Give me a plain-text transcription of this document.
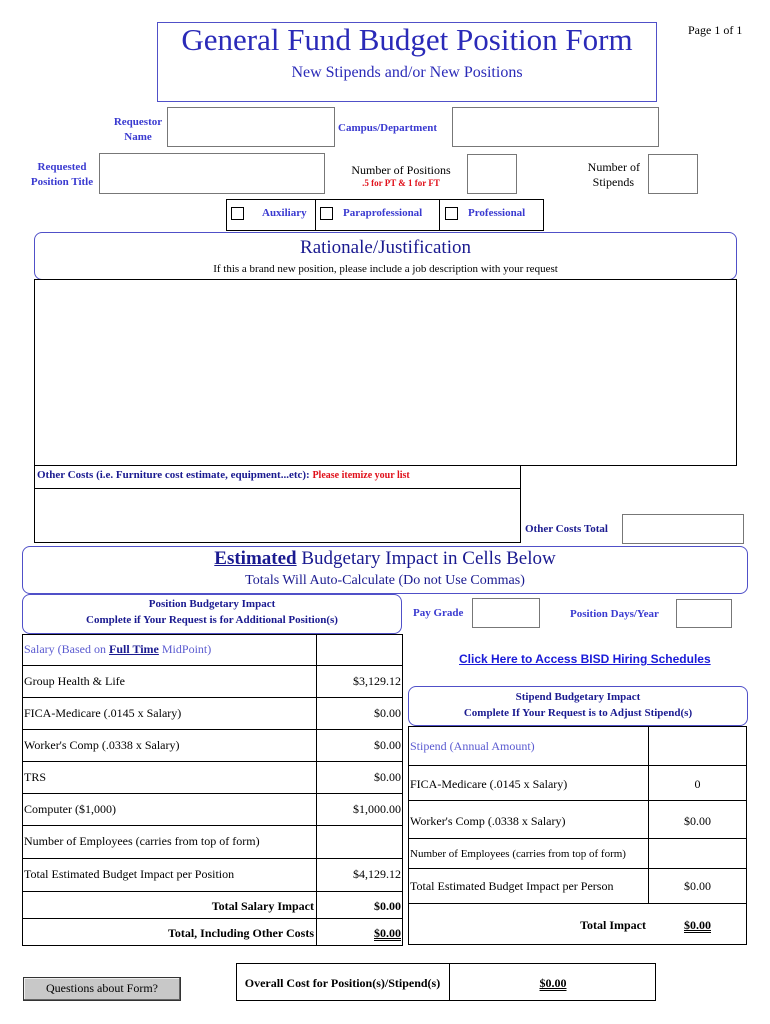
General Fund Budget Position Form
New Stipends and/or New Positions
Page 1 of 1
Requestor
Name
Campus/Department
Requested
Position Title
Number of Positions
.5 for PT & 1 for FT
Number of
Stipends
Auxiliary	Paraprofessional	Professional
Rationale/Justification
If this a brand new position, please include a job description with your request
Other Costs (i.e. Furniture cost estimate, equipment...etc): Please itemize your list
Other Costs Total
Estimated Budgetary Impact in Cells Below
Totals Will Auto-Calculate (Do not Use Commas)
Position Budgetary Impact
Complete if Your Request is for Additional Position(s)
Pay Grade	Position Days/Year
Salary (Based on Full Time MidPoint)
Group Health & Life	$3,129.12
FICA-Medicare (.0145 x Salary)	$0.00
Worker's Comp (.0338 x Salary)	$0.00
TRS	$0.00
Computer ($1,000)	$1,000.00
Number of Employees (carries from top of form)
Total Estimated Budget Impact per Position	$4,129.12
Total Salary Impact	$0.00
Total, Including Other Costs	$0.00
Click Here to Access BISD Hiring Schedules
Stipend Budgetary Impact
Complete If Your Request is to Adjust Stipend(s)
Stipend (Annual Amount)
FICA-Medicare (.0145 x Salary)	0
Worker's Comp (.0338 x Salary)	$0.00
Number of Employees (carries from top of form)
Total Estimated Budget Impact per Person	$0.00
Total Impact	$0.00
Questions about Form?	Overall Cost for Position(s)/Stipend(s)	$0.00
